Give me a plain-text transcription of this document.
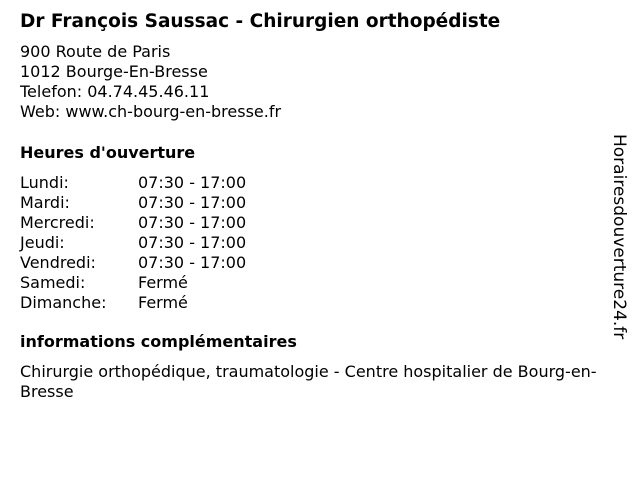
Dr François Saussac - Chirurgien orthopédiste
900 Route de Paris
1012 Bourge-En-Bresse
Telefon: 04.74.45.46.11
Web: www.ch-bourg-en-bresse.fr
Heures d'ouverture
Lundi:	07:30 - 17:00
Mardi:	07:30 - 17:00
Mercredi:	07:30 - 17:00
Jeudi:	07:30 - 17:00
Vendredi:	07:30 - 17:00
Samedi:	Fermé
Dimanche:	Fermé
informations complémentaires
Chirurgie orthopédique, traumatologie - Centre hospitalier de Bourg-en-Bresse
Horairesdouverture24.fr
